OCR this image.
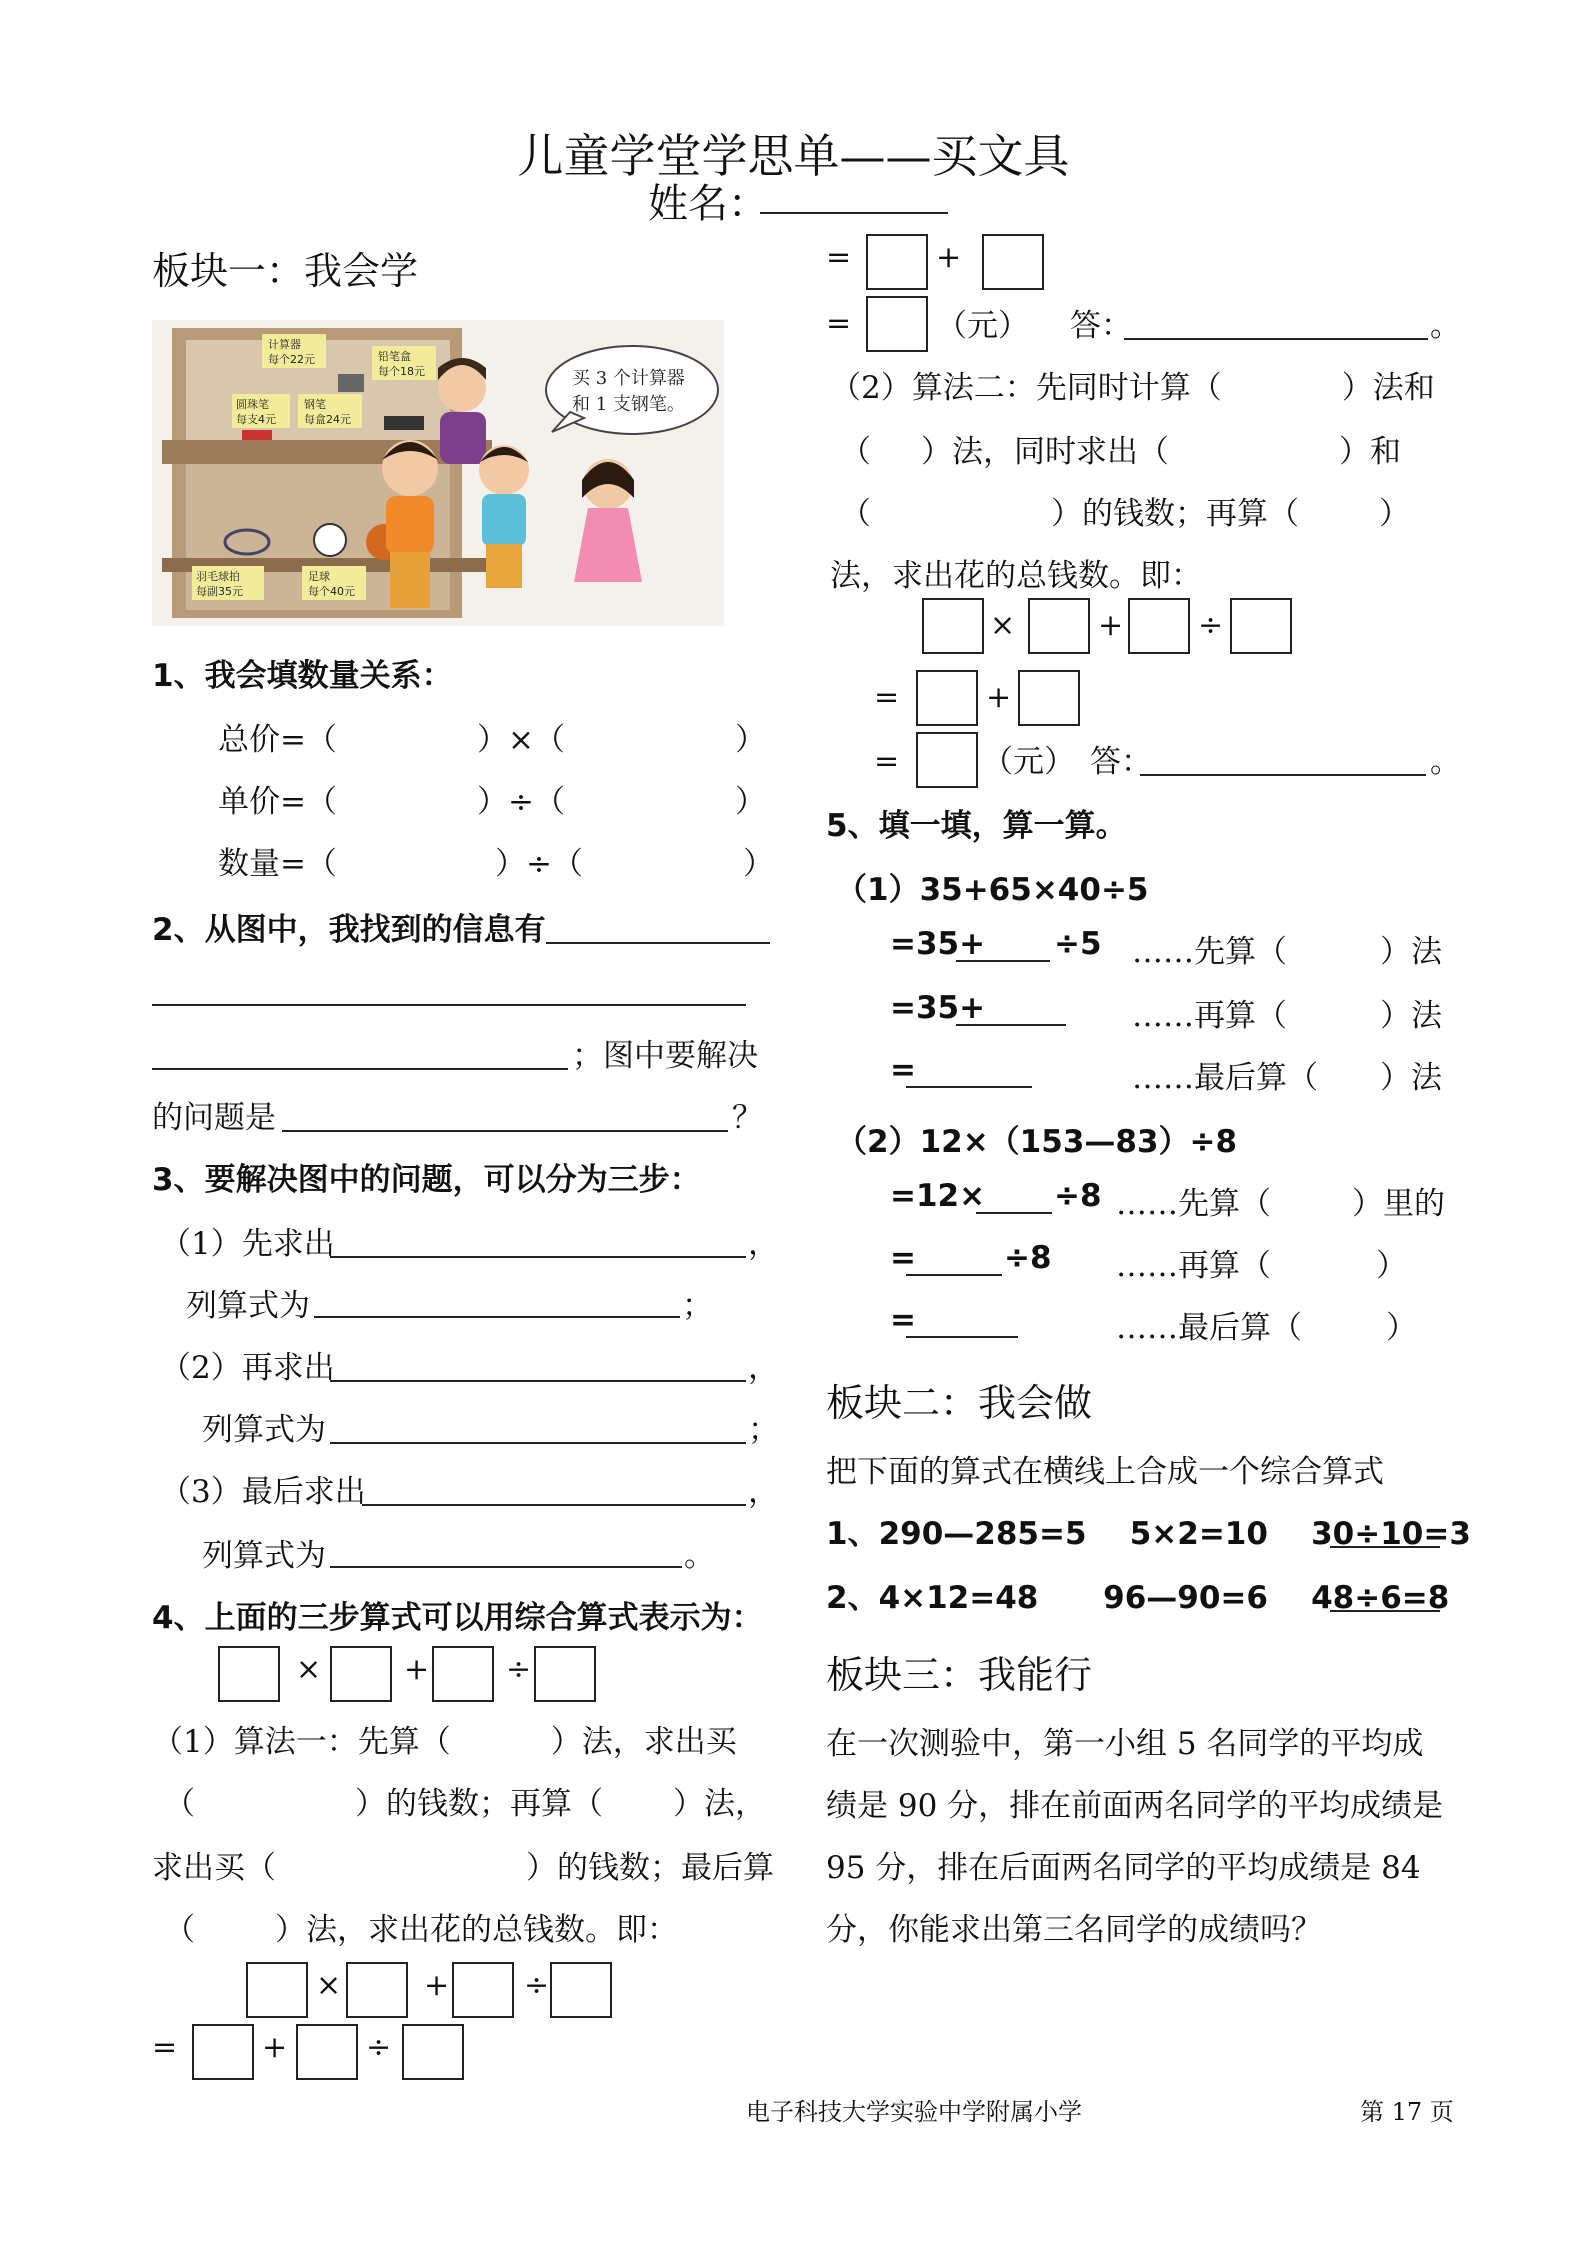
儿童学堂学思单——买文具
姓名：
板块一：我会学
计算器
每个22元	铅笔盒
每个18元
圆珠笔
每支4元
钢笔
每盒24元
羽毛球拍
每副35元
足球
每个40元
买 3 个计算器
和 1 支钢笔。
1、我会填数量关系：
总价=（	）×（	）
单价=（	）÷（	）
数量=（	）÷（	）
2、从图中，我找到的信息有
；图中要解决
的问题是	？
3、要解决图中的问题，可以分为三步：
（1）先求出	，
列算式为	；
（2）再求出	，
列算式为	；
（3）最后求出	，
列算式为	。
4、上面的三步算式可以用综合算式表示为：
×	+	÷
（1）算法一：先算（	）法，求出买
（	）的钱数；再算（ ）法，
求出买（	）的钱数；最后算
（	）法，求出花的总钱数。即：
×	+ ÷
=	+	÷
=	+
=	（元） 答：	。
（2）算法二：先同时计算（	）法和
（ ）法，同时求出（	）和
（	）的钱数；再算（	）
法，求出花的总钱数。即：
×	+ ÷
=	+
=	（元） 答：	。
5、填一填，算一算。
（1）35+65×40÷5
=35+ ÷5 ……先算（	）法
=35+	……再算（	）法
=	……最后算（ ）法
（2）12×（153—83）÷8
=12× ÷8 ……先算（	）里的
=	÷8 ……再算（	）
=	……最后算（	）
板块二：我会做
把下面的算式在横线上合成一个综合算式
1、290—285=5    5×2=10    30÷10=3
2、4×12=48      96—90=6    48÷6=8
板块三：我能行
在一次测验中，第一小组 5 名同学的平均成
绩是 90 分，排在前面两名同学的平均成绩是
95 分，排在后面两名同学的平均成绩是 84
分，你能求出第三名同学的成绩吗？
电子科技大学实验中学附属小学	第 17 页
